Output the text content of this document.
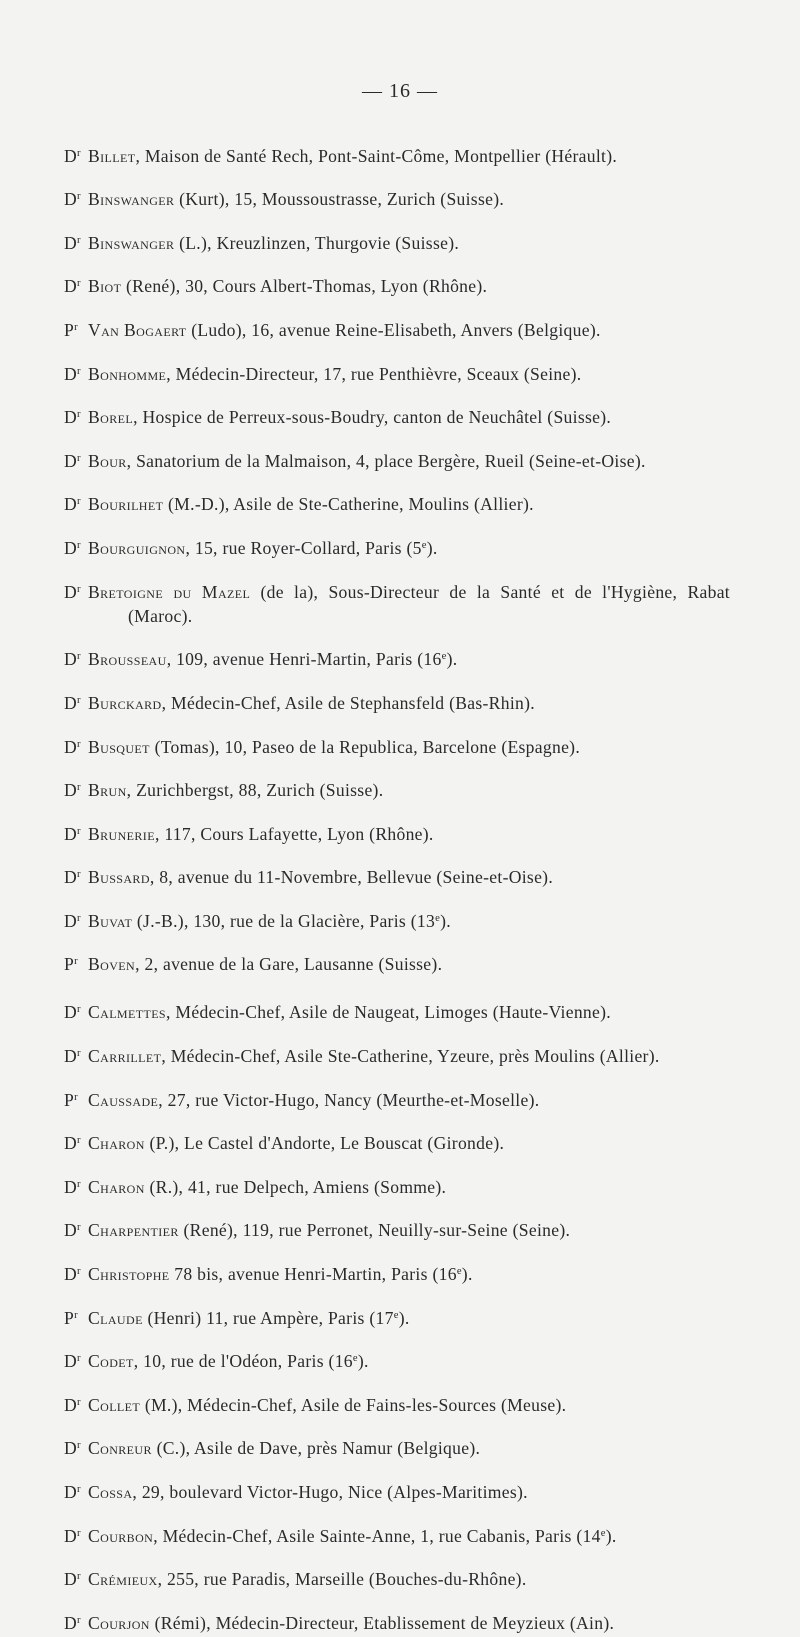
— 16 —

$D^r$ Billet, Maison de Santé Rech, Pont-Saint-Côme, Montpellier (Hérault).

$D^r$ Binswanger (Kurt), 15, Moussoustrasse, Zurich (Suisse).

$D^r$ Binswanger (L.), Kreuzlinzen, Thurgovie (Suisse).

$D^r$ Biot (René), 30, Cours Albert-Thomas, Lyon (Rhône).

$P^r$ Van Bogaert (Ludo), 16, avenue Reine-Elisabeth, Anvers (Belgique).

$D^r$ Bonhomme, Médecin-Directeur, 17, rue Penthièvre, Sceaux (Seine).

$D^r$ Borel, Hospice de Perreux-sous-Boudry, canton de Neuchâtel (Suisse).

$D^r$ Bour, Sanatorium de la Malmaison, 4, place Bergère, Rueil (Seine-et-Oise).

$D^r$ Bourilhet (M.-D.), Asile de Ste-Catherine, Moulins (Allier).

$D^r$ Bourguignon, 15, rue Royer-Collard, Paris (5e).

$D^r$ Bretoigne du Mazel (de la), Sous-Directeur de la Santé et de l'Hygiène, Rabat (Maroc).

$D^r$ Brousseau, 109, avenue Henri-Martin, Paris (16e).

$D^r$ Burckard, Médecin-Chef, Asile de Stephansfeld (Bas-Rhin).

$D^r$ Busquet (Tomas), 10, Paseo de la Republica, Barcelone (Espagne).

$D^r$ Brun, Zurichbergst, 88, Zurich (Suisse).

$D^r$ Brunerie, 117, Cours Lafayette, Lyon (Rhône).

$D^r$ Bussard, 8, avenue du 11-Novembre, Bellevue (Seine-et-Oise).

$D^r$ Buvat (J.-B.), 130, rue de la Glacière, Paris (13e).

$P^r$ Boven, 2, avenue de la Gare, Lausanne (Suisse).

$D^r$ Calmettes, Médecin-Chef, Asile de Naugeat, Limoges (Haute-Vienne).

$D^r$ Carrillet, Médecin-Chef, Asile Ste-Catherine, Yzeure, près Moulins (Allier).

$P^r$ Caussade, 27, rue Victor-Hugo, Nancy (Meurthe-et-Moselle).

$D^r$ Charon (P.), Le Castel d'Andorte, Le Bouscat (Gironde).

$D^r$ Charon (R.), 41, rue Delpech, Amiens (Somme).

$D^r$ Charpentier (René), 119, rue Perronet, Neuilly-sur-Seine (Seine).

$D^r$ Christophe 78 bis, avenue Henri-Martin, Paris (16e).

$P^r$ Claude (Henri) 11, rue Ampère, Paris (17e).

$D^r$ Codet, 10, rue de l'Odéon, Paris (16e).

$D^r$ Collet (M.), Médecin-Chef, Asile de Fains-les-Sources (Meuse).

$D^r$ Conreur (C.), Asile de Dave, près Namur (Belgique).

$D^r$ Cossa, 29, boulevard Victor-Hugo, Nice (Alpes-Maritimes).

$D^r$ Courbon, Médecin-Chef, Asile Sainte-Anne, 1, rue Cabanis, Paris (14e).

$D^r$ Crémieux, 255, rue Paradis, Marseille (Bouches-du-Rhône).

$D^r$ Courjon (Rémi), Médecin-Directeur, Etablissement de Meyzieux (Ain).
